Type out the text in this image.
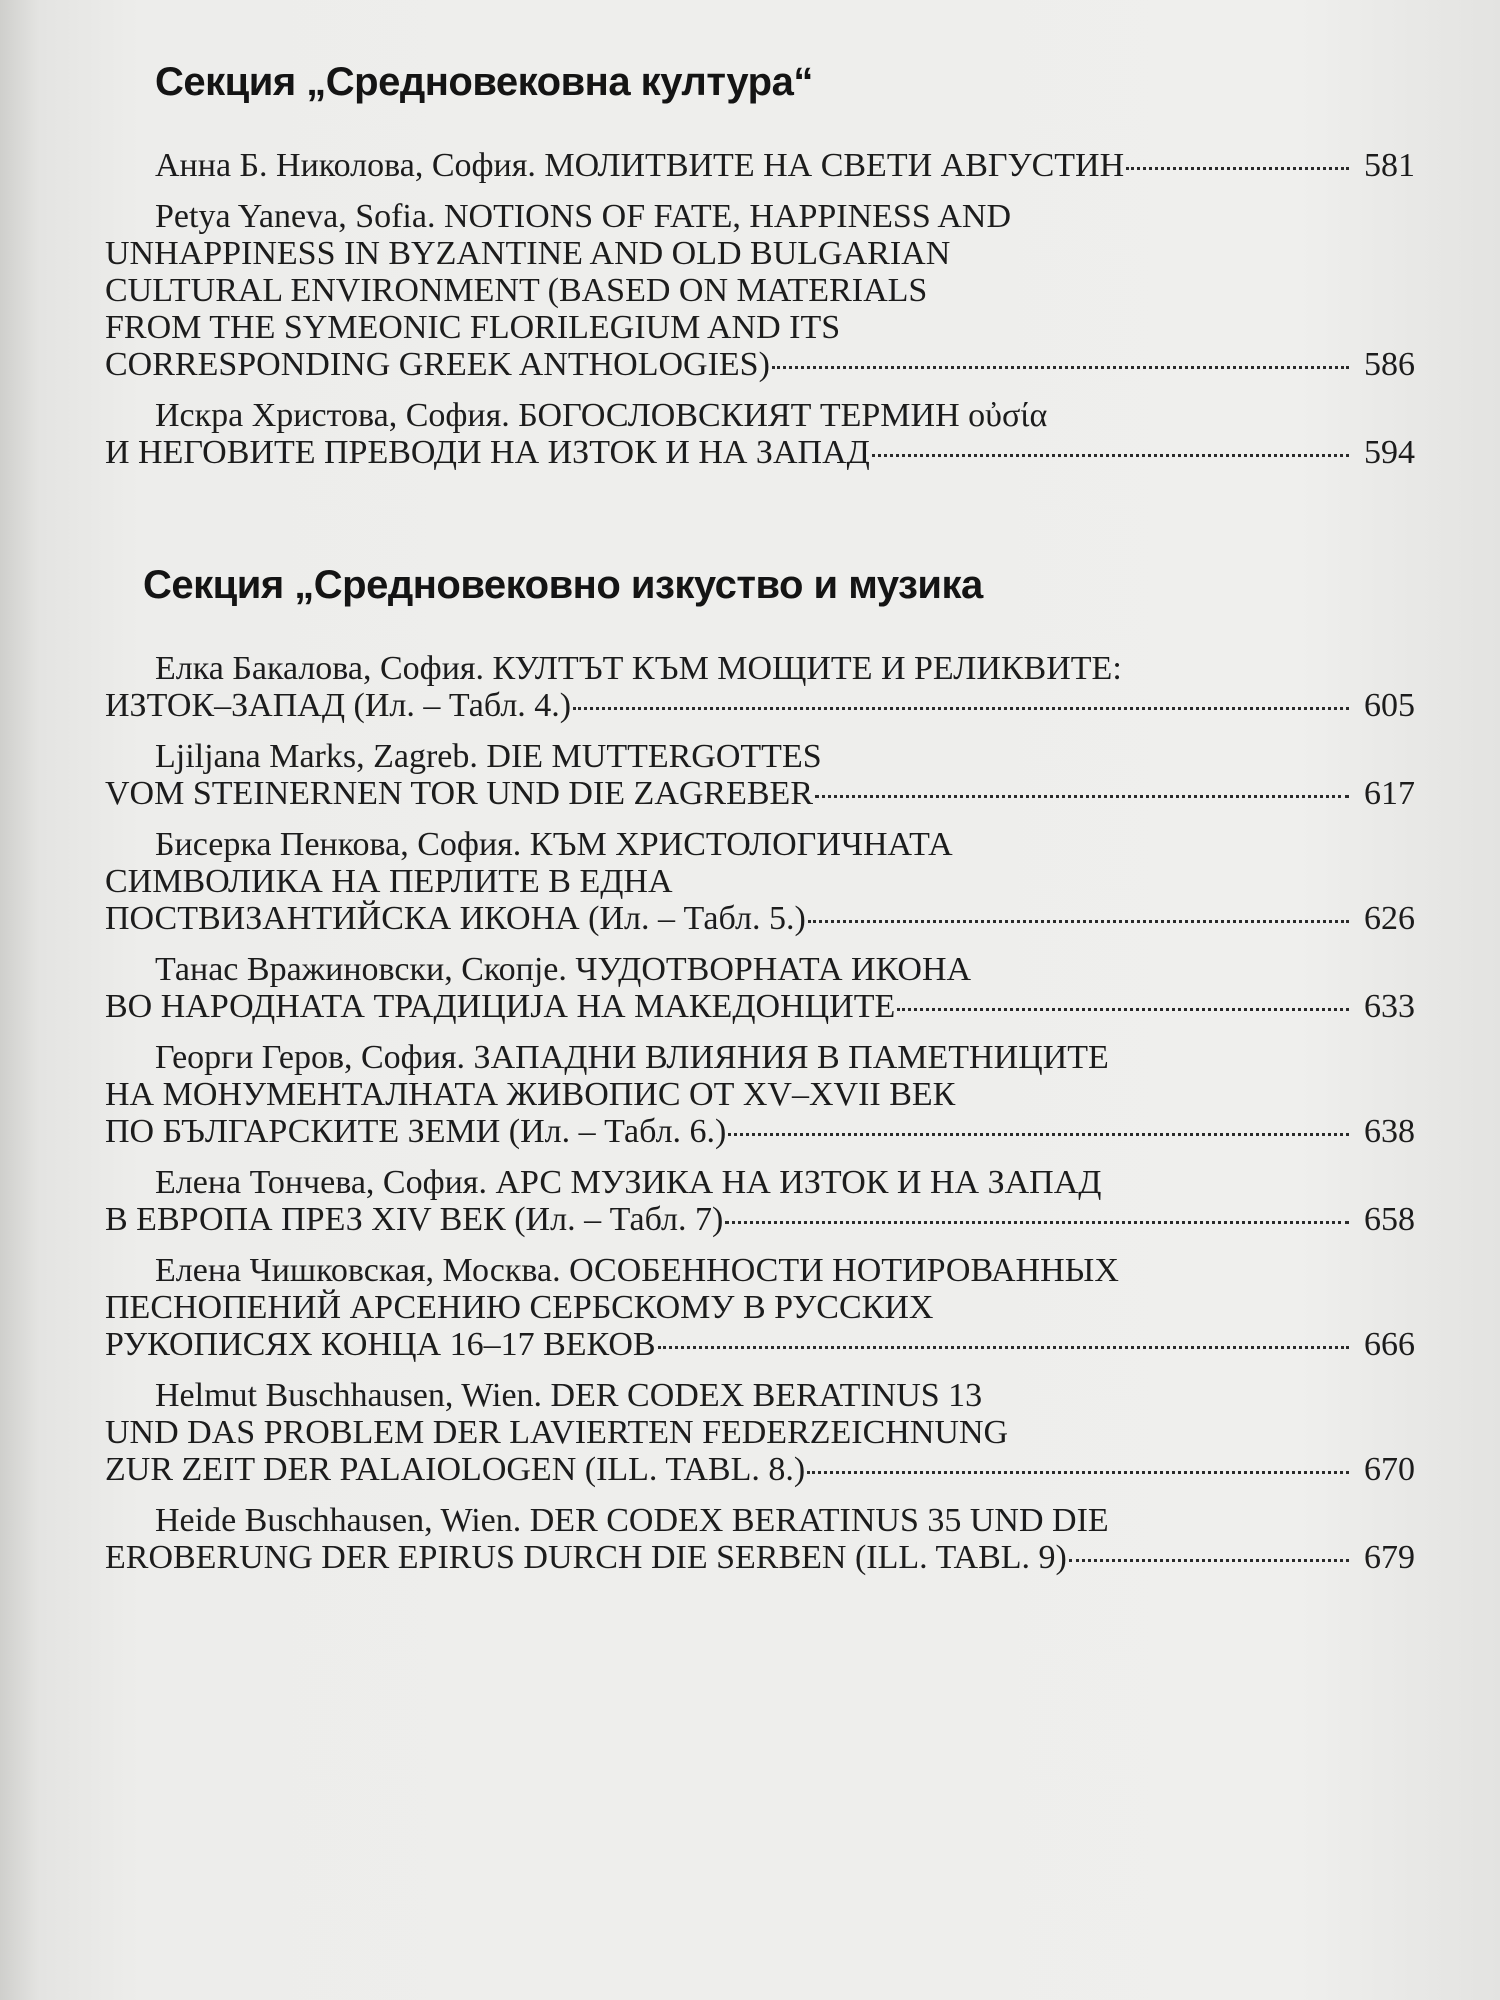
Секция „Средновековна култура“
Анна Б. Николова, София. МОЛИТВИТЕ НА СВЕТИ АВГУСТИН	581
Petya Yaneva, Sofia. NOTIONS OF FATE, HAPPINESS AND
UNHAPPINESS IN BYZANTINE AND OLD BULGARIAN
CULTURAL ENVIRONMENT (BASED ON MATERIALS
FROM THE SYMEONIC FLORILEGIUM AND ITS
CORRESPONDING GREEK ANTHOLOGIES)	586
Искра Христова, София. БОГОСЛОВСКИЯТ ТЕРМИН οὐσία
И НЕГОВИТЕ ПРЕВОДИ НА ИЗТОК И НА ЗАПАД	594
Секция „Средновековно изкуство и музика
Елка Бакалова, София. КУЛТЪТ КЪМ МОЩИТЕ И РЕЛИКВИТЕ:
ИЗТОК–ЗАПАД (Ил. – Табл. 4.)	605
Ljiljana Marks, Zagreb. DIE MUTTERGOTTES
VOM STEINERNEN TOR UND DIE ZAGREBER	617
Бисерка Пенкова, София. КЪМ ХРИСТОЛОГИЧНАТА
СИМВОЛИКА НА ПЕРЛИТЕ В ЕДНА
ПОСТВИЗАНТИЙСКА ИКОНА (Ил. – Табл. 5.)	626
Танас Вражиновски, Скопје. ЧУДОТВОРНАТА ИКОНА
ВО НАРОДНАТА ТРАДИЦИЈА НА МАКЕДОНЦИТЕ	633
Георги Геров, София. ЗАПАДНИ ВЛИЯНИЯ В ПАМЕТНИЦИТЕ
НА МОНУМЕНТАЛНАТА ЖИВОПИС ОТ XV–XVII ВЕК
ПО БЪЛГАРСКИТЕ ЗЕМИ (Ил. – Табл. 6.)	638
Елена Тончева, София. АРС МУЗИКА НА ИЗТОК И НА ЗАПАД
В ЕВРОПА ПРЕЗ XIV ВЕК (Ил. – Табл. 7)	658
Елена Чишковская, Москва. ОСОБЕННОСТИ НОТИРОВАННЫХ
ПЕСНОПЕНИЙ АРСЕНИЮ СЕРБСКОМУ В РУССКИХ
РУКОПИСЯХ КОНЦА 16–17 ВЕКОВ	666
Helmut Buschhausen, Wien. DER CODEX BERATINUS 13
UND DAS PROBLEM DER LAVIERTEN FEDERZEICHNUNG
ZUR ZEIT DER PALAIOLOGEN (ILL. TABL. 8.)	670
Heide Buschhausen, Wien. DER CODEX BERATINUS 35 UND DIE
EROBERUNG DER EPIRUS DURCH DIE SERBEN (ILL. TABL. 9)	679
